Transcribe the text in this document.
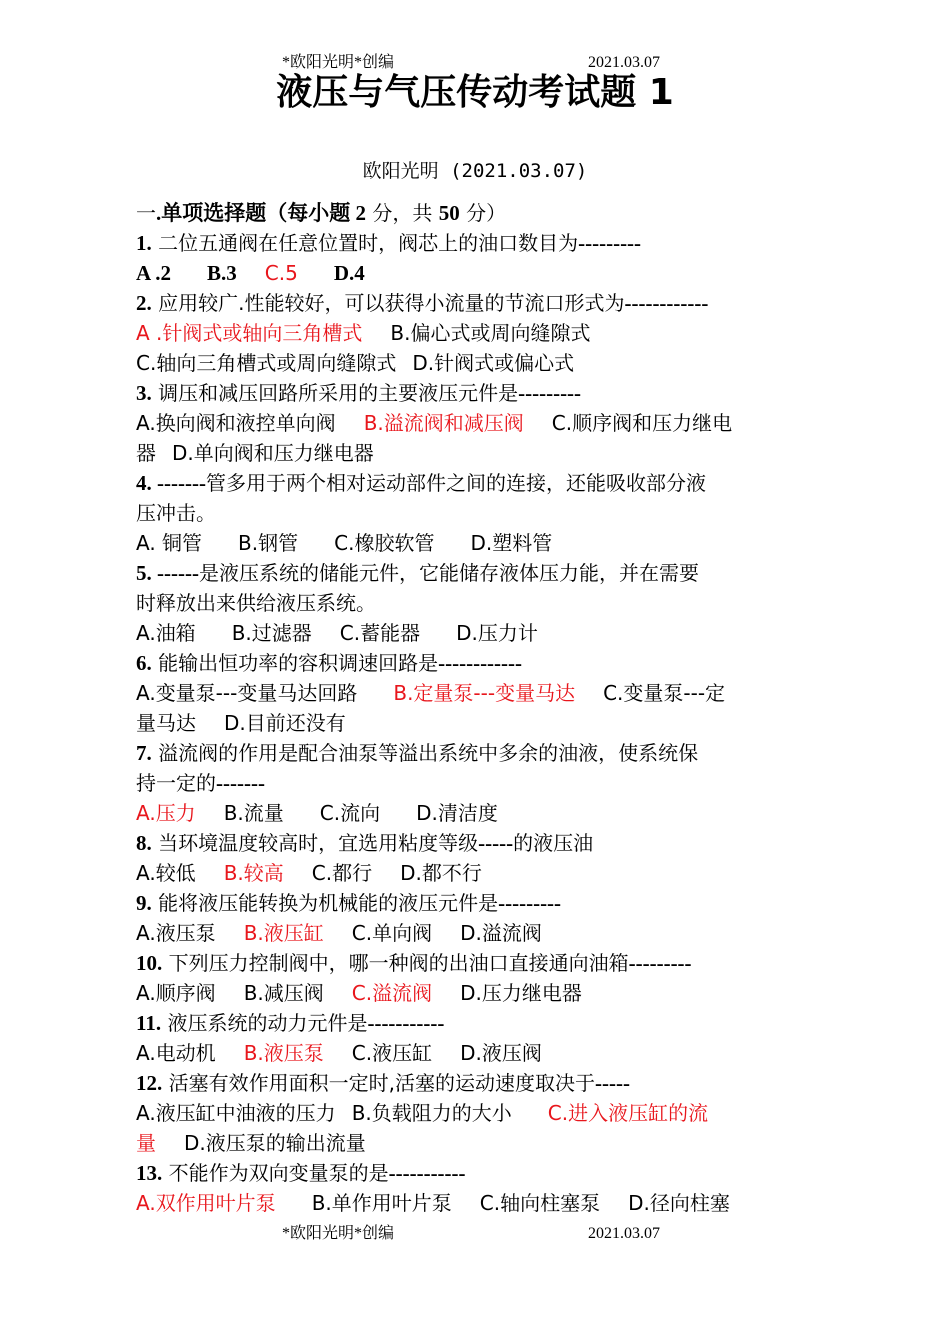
*欧阳光明*创编	2021.03.07
液压与气压传动考试题 1
欧阳光明 (2021.03.07)
一.单项选择题（每小题 2 分，共 50 分）
1. 二位五通阀在任意位置时，阀芯上的油口数目为---------
A .2 B.3 C.5 D.4
2. 应用较广.性能较好，可以获得小流量的节流口形式为------------
A .针阀式或轴向三角槽式 B.偏心式或周向缝隙式
C.轴向三角槽式或周向缝隙式 D.针阀式或偏心式
3. 调压和减压回路所采用的主要液压元件是---------
A.换向阀和液控单向阀 B.溢流阀和减压阀 C.顺序阀和压力继电
器 D.单向阀和压力继电器
4. -------管多用于两个相对运动部件之间的连接，还能吸收部分液
压冲击。
A. 铜管 B.钢管 C.橡胶软管 D.塑料管
5. ------是液压系统的储能元件，它能储存液体压力能，并在需要
时释放出来供给液压系统。
A.油箱 B.过滤器 C.蓄能器 D.压力计
6. 能输出恒功率的容积调速回路是------------
A.变量泵---变量马达回路 B.定量泵---变量马达 C.变量泵---定
量马达 D.目前还没有
7. 溢流阀的作用是配合油泵等溢出系统中多余的油液，使系统保
持一定的-------
A.压力 B.流量 C.流向 D.清洁度
8. 当环境温度较高时，宜选用粘度等级-----的液压油
A.较低 B.较高 C.都行 D.都不行
9. 能将液压能转换为机械能的液压元件是---------
A.液压泵 B.液压缸 C.单向阀 D.溢流阀
10. 下列压力控制阀中，哪一种阀的出油口直接通向油箱---------
A.顺序阀 B.减压阀 C.溢流阀 D.压力继电器
11. 液压系统的动力元件是-----------
A.电动机 B.液压泵 C.液压缸 D.液压阀
12. 活塞有效作用面积一定时,活塞的运动速度取决于-----
A.液压缸中油液的压力 B.负载阻力的大小 C.进入液压缸的流
量 D.液压泵的输出流量
13. 不能作为双向变量泵的是-----------
A.双作用叶片泵 B.单作用叶片泵 C.轴向柱塞泵 D.径向柱塞
*欧阳光明*创编	2021.03.07
